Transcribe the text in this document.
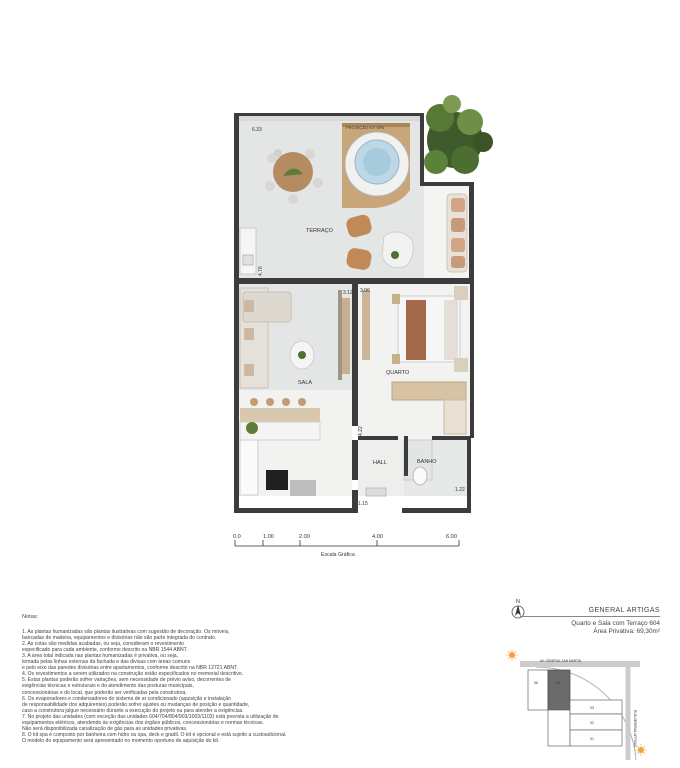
TERRAÇO
SALA
QUARTO
HALL	BANHO
PROJEÇÃO KIT SPA
6.33
4.76
3.12 3.06
4.22
1.22
1.15
0.0	1.00	2.00	4.00	6.00
Escala Gráfica
N
AV. GENERAL SAN MARTIN
RUA GENERAL ARTIGAS
06	04
03
02
01
Notas:
1. As plantas humanizadas são plantas ilustrativas com sugestão de decoração. Os móveis,
bancadas de madeira, equipamentos e divisórias não são parte integrada do contrato.
2. As cotas são medidas acabadas, ou seja, consideram o revestimento
especificado para cada ambiente, conforme descrito na NBR 1544 ABNT.
3. A área total indicada nas plantas humanizadas é privativa, ou seja,
tomada pelas linhas externas da fachada e das divisas com áreas comuns
e pelo eixo das paredes divisórias entre apartamentos, conforme descrito na NBR 12721 ABNT.
4. Os revestimentos a serem utilizados na construção estão especificados no memorial descritivo.
5. Estas plantas poderão sofrer variações, sem necessidade de prévio aviso, decorrentes de
exigências técnicas e estruturais e do atendimento das posturas municipais,
concessionárias e do local, que poderão ser verificadas pela construtora.
6. Os evaporadores e condensadores do sistema de ar condicionado (aquisição e instalação
de responsabilidade dos adquirentes) poderão sofrer ajustes ou mudanças de posição e quantidade,
caso a construtora julgue necessário durante a execução do projeto ou para atender a exigências.
7. No projeto das unidades (com exceção das unidades 604/704/804/903/1003/1103) está prevista a utilização de
equipamentos elétricos, atendendo às exigências dos órgãos públicos, concessionárias e normas técnicas.
Não será disponibilizada canalização de gás para as unidades privativas.
8. O kit spa é composto por banheira com hidro ou spa, deck e gradil. O kit é opcional e está sujeito a custoadicional.
O modelo do equipamento será apresentado no momento oportuno de aquisição do kit.
GENERAL ARTIGAS
Quarto e Sala com Terraço 604
Área Privativa: 69,30m²
